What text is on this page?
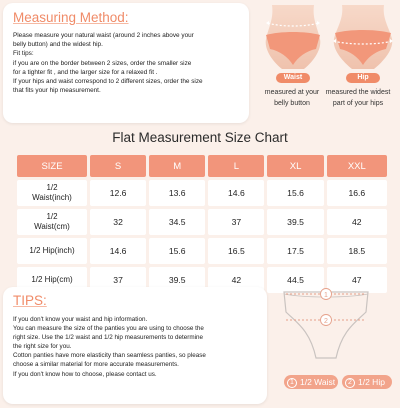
Measuring Method:
Please measure your natural waist (around 2 inches above your
belly button) and the widest hip.
Fit tips:
if you are on the border between 2 sizes, order the smaller size
for a tighter fit , and the larger size for a relaxed fit .
If your hips and waist correspond to 2 different sizes, order the size
that fits your hip measurement.
Waist
measured at your
belly button
Hip
measured the widest
part of your hips
Flat Measurement Size Chart
SIZE	S	M	L	XL	XXL
1/2
Waist(inch)	12.6	13.6	14.6	15.6	16.6
1/2
Waist(cm)	32	34.5	37	39.5	42
1/2 Hip(inch)	14.6	15.6	16.5	17.5	18.5
1/2 Hip(cm)	37	39.5	42	44.5	47
TIPS:
If you don't know your waist and hip information.
You can measure the size of the panties you are using to choose the
right size. Use the 1/2 waist and 1/2 hip measurements to determine
the right size for you.
Cotton panties have more elasticity than seamless panties, so please
choose a similar material for more accurate measurements.
If you don't know how to choose, please contact us.
1
2
1 1/2 Waist	2 1/2 Hip
